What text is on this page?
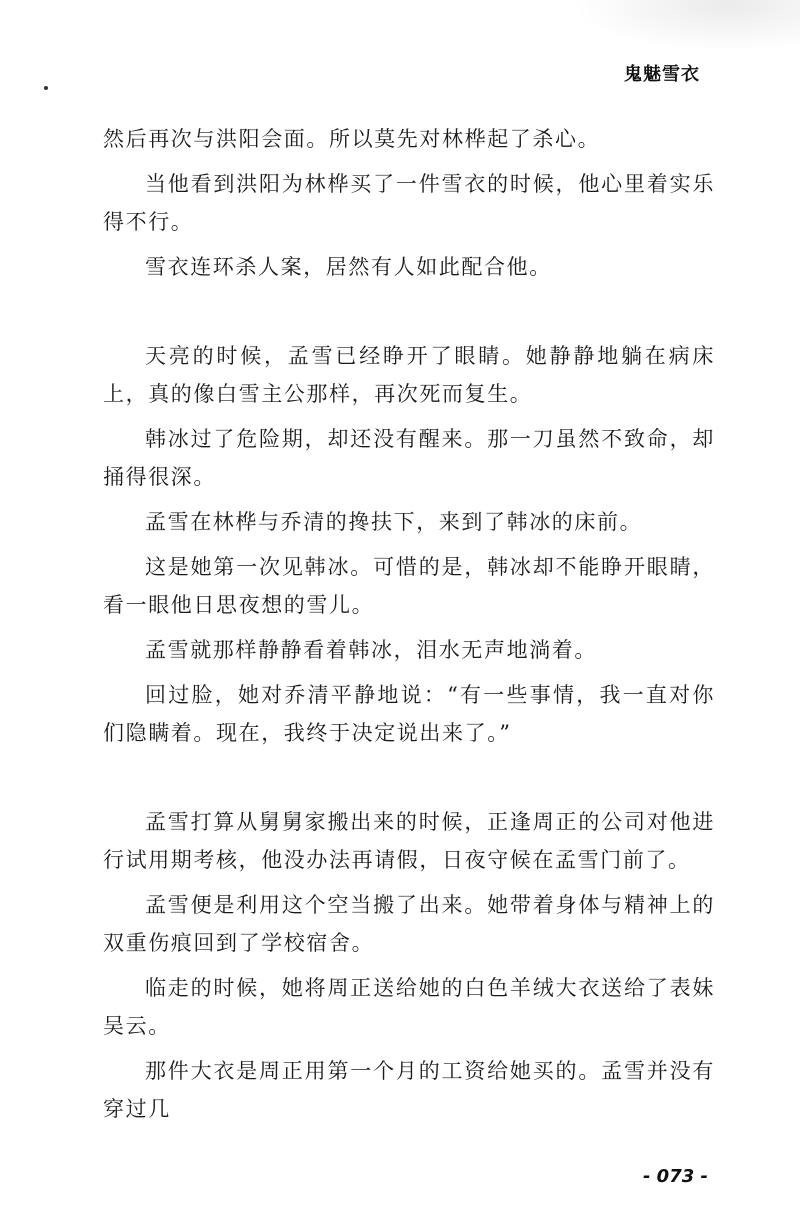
鬼魅雪衣

然后再次与洪阳会面。所以莫先对林桦起了杀心。

当他看到洪阳为林桦买了一件雪衣的时候，他心里着实乐得不行。

雪衣连环杀人案，居然有人如此配合他。

天亮的时候，孟雪已经睁开了眼睛。她静静地躺在病床上，真的像白雪主公那样，再次死而复生。

韩冰过了危险期，却还没有醒来。那一刀虽然不致命，却捅得很深。

孟雪在林桦与乔清的搀扶下，来到了韩冰的床前。

这是她第一次见韩冰。可惜的是，韩冰却不能睁开眼睛，看一眼他日思夜想的雪儿。

孟雪就那样静静看着韩冰，泪水无声地淌着。

回过脸，她对乔清平静地说：“有一些事情，我一直对你们隐瞒着。现在，我终于决定说出来了。”

孟雪打算从舅舅家搬出来的时候，正逢周正的公司对他进行试用期考核，他没办法再请假，日夜守候在孟雪门前了。

孟雪便是利用这个空当搬了出来。她带着身体与精神上的双重伤痕回到了学校宿舍。

临走的时候，她将周正送给她的白色羊绒大衣送给了表妹吴云。

那件大衣是周正用第一个月的工资给她买的。孟雪并没有穿过几

- 073 -
